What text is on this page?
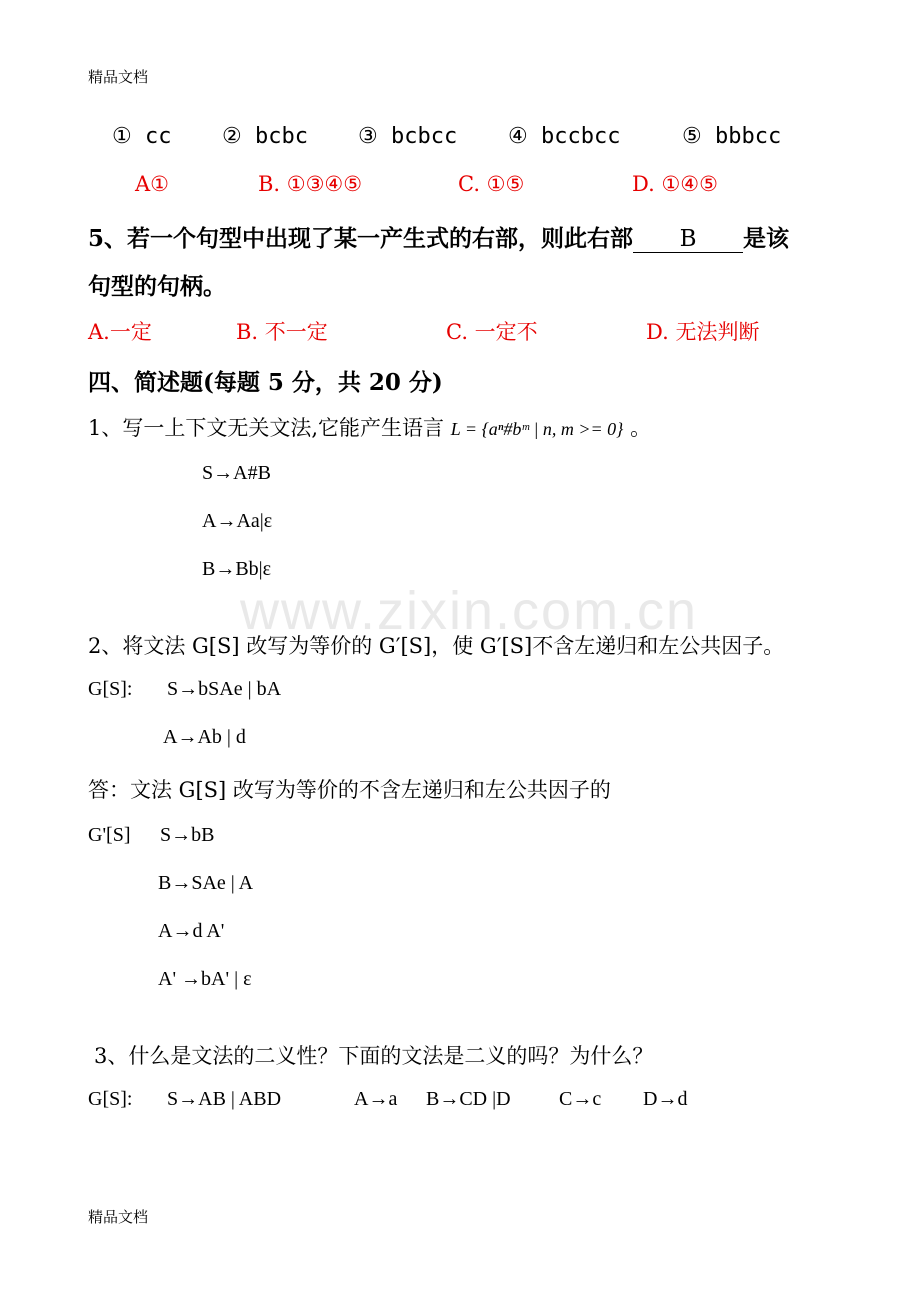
精品文档
www.zixin.com.cn
① cc ② bcbc ③ bcbcc ④ bccbcc	⑤ bbbcc
A①	B. ①③④⑤	C. ①⑤	D. ①④⑤
5、若一个句型中出现了某一产生式的右部，则此右部 B 是该
句型的句柄。
A.一定	B. 不一定	C. 一定不	D. 无法判断
四、简述题(每题 5 分，共 20 分)
1、写一上下文无关文法,它能产生语言 L = {aⁿ#bᵐ | n, m >= 0} 。
S→A#B
A→Aa|ε
B→Bb|ε
2、将文法 G[S] 改写为等价的 G′[S]，使 G′[S]不含左递归和左公共因子。
G[S]: S→bSAe | bA
A→Ab | d
答：文法 G[S] 改写为等价的不含左递归和左公共因子的
G'[S] S→bB
B→SAe | A
A→d A'
A' →bA' | ε
3、什么是文法的二义性？下面的文法是二义的吗？为什么？
G[S]: S→AB | ABD	A→a B→CD |D C→c D→d
精品文档
